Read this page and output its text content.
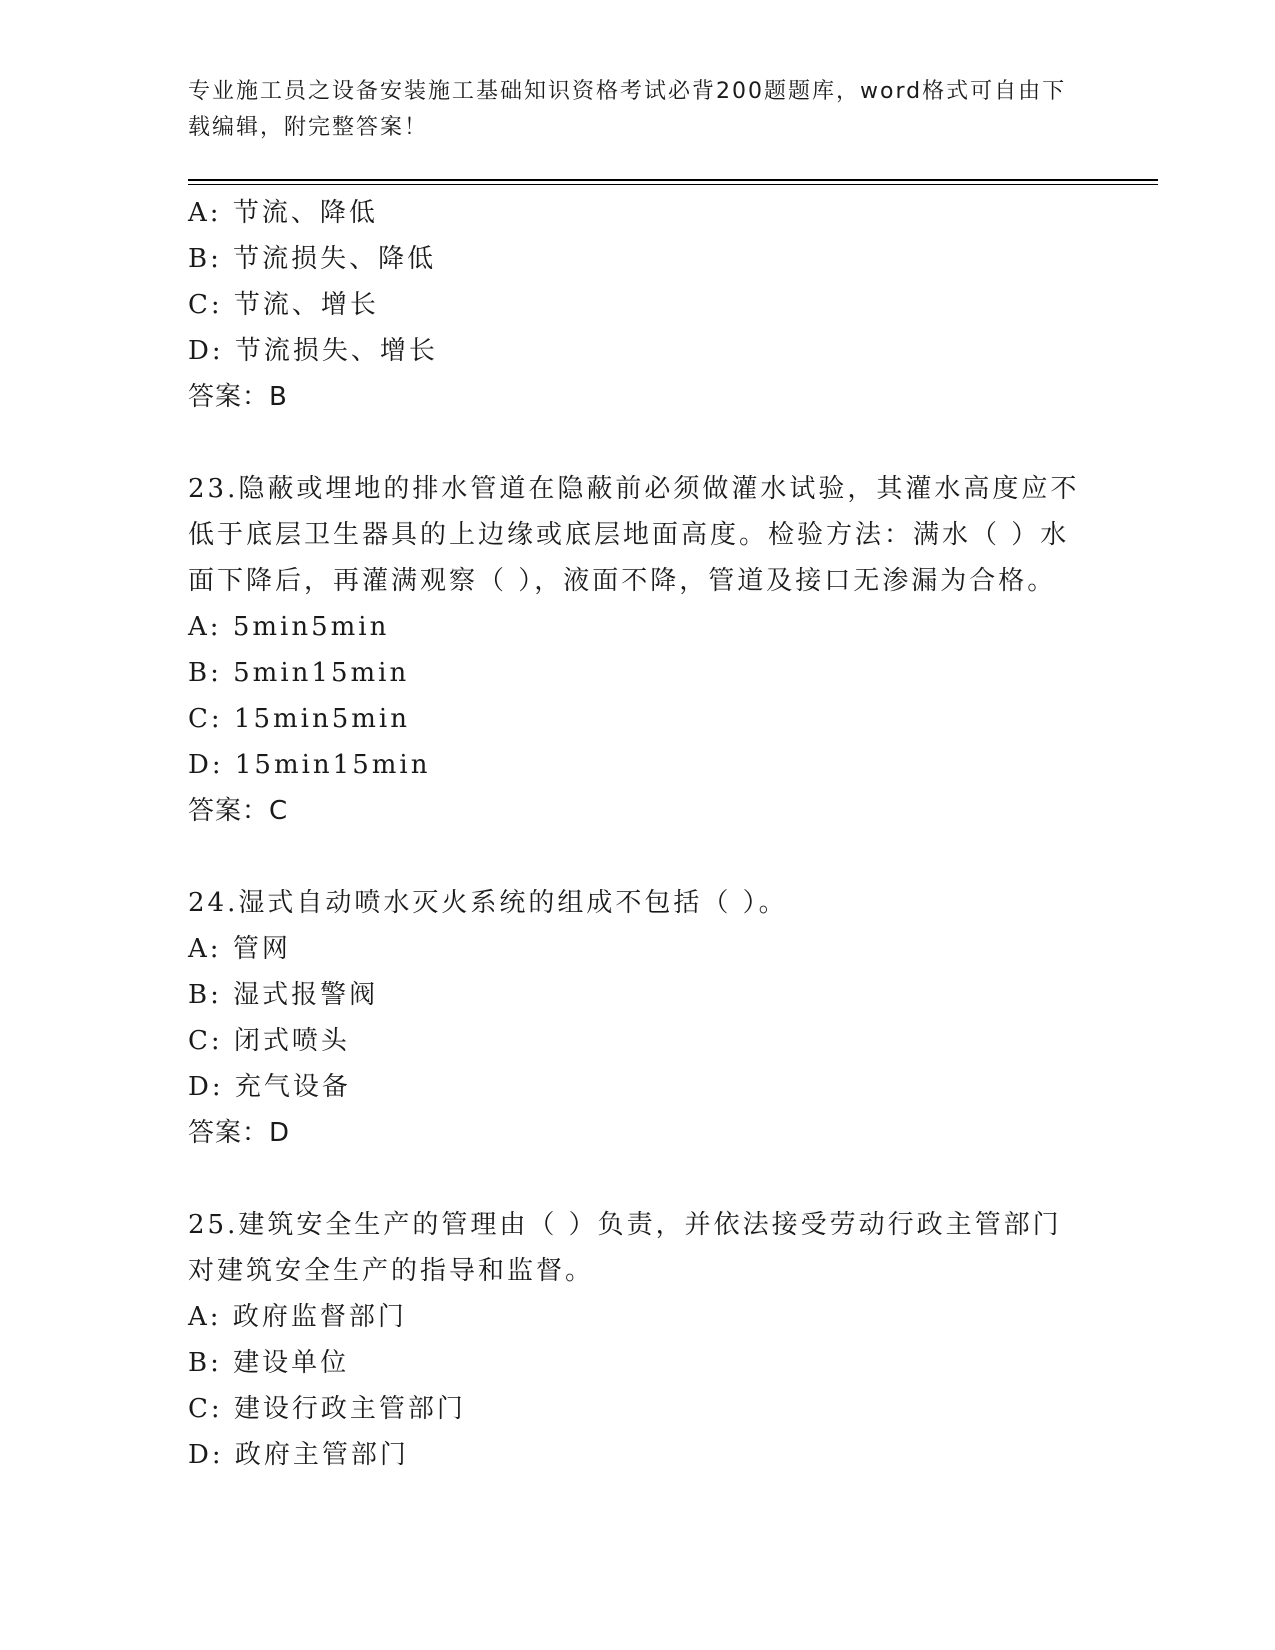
专业施工员之设备安装施工基础知识资格考试必背200题题库，word格式可自由下载编辑，附完整答案！
A: 节流、降低
B: 节流损失、降低
C: 节流、增长
D: 节流损失、增长
答案：B
23.隐蔽或埋地的排水管道在隐蔽前必须做灌水试验，其灌水高度应不低于底层卫生器具的上边缘或底层地面高度。检验方法：满水（ ）水面下降后，再灌满观察（ ），液面不降，管道及接口无渗漏为合格。
A: 5min5min
B: 5min15min
C: 15min5min
D: 15min15min
答案：C
24.湿式自动喷水灭火系统的组成不包括（ ）。
A: 管网
B: 湿式报警阀
C: 闭式喷头
D: 充气设备
答案：D
25.建筑安全生产的管理由（ ）负责，并依法接受劳动行政主管部门对建筑安全生产的指导和监督。
A: 政府监督部门
B: 建设单位
C: 建设行政主管部门
D: 政府主管部门
